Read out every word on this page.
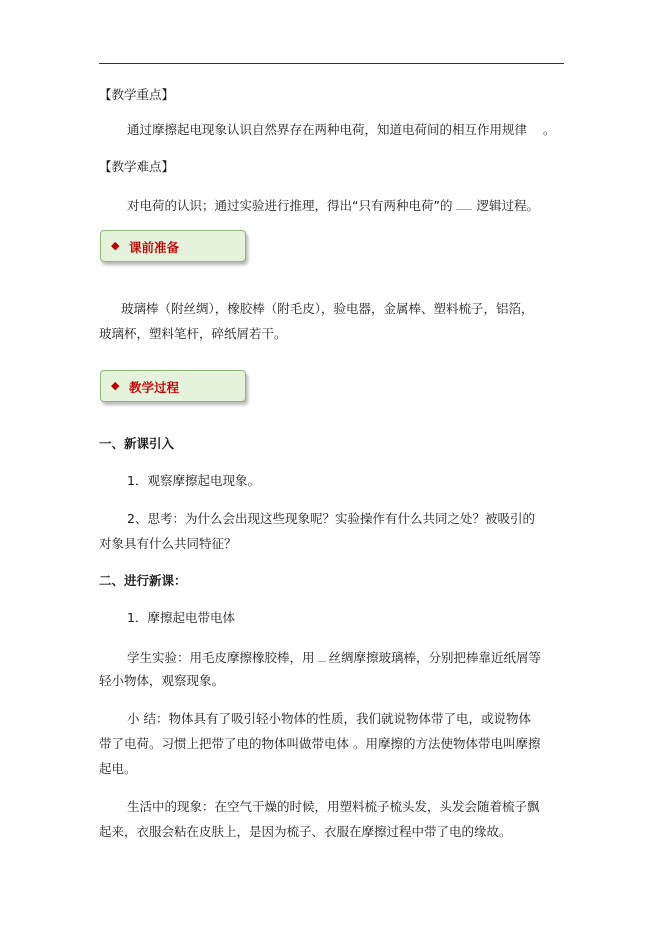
【教学重点】
通过摩擦起电现象认识自然界存在两种电荷，知道电荷间的相互作用规律 。
【教学难点】
对电荷的认识；通过实验进行推理，得出“只有两种电荷”的 逻辑过程。
◆ 课前准备
玻璃棒（附丝绸），橡胶棒（附毛皮），验电器，金属棒、塑料梳子，铝箔，
玻璃杯，塑料笔杆，碎纸屑若干。
◆ 教学过程
一、新课引入
1．观察摩擦起电现象。
2、思考：为什么会出现这些现象呢？实验操作有什么共同之处？被吸引的
对象具有什么共同特征？
二、进行新课：
1．摩擦起电带电体
学生实验：用毛皮摩擦橡胶棒，用 丝绸摩擦玻璃棒，分别把棒靠近纸屑等
轻小物体，观察现象。
小 结：物体具有了吸引轻小物体的性质，我们就说物体带了电，或说物体
带了电荷。习惯上把带了电的物体叫做带电体 。用摩擦的方法使物体带电叫摩擦
起电。
生活中的现象：在空气干燥的时候，用塑料梳子梳头发，头发会随着梳子飘
起来，衣服会粘在皮肤上，是因为梳子、衣服在摩擦过程中带了电的缘故。
